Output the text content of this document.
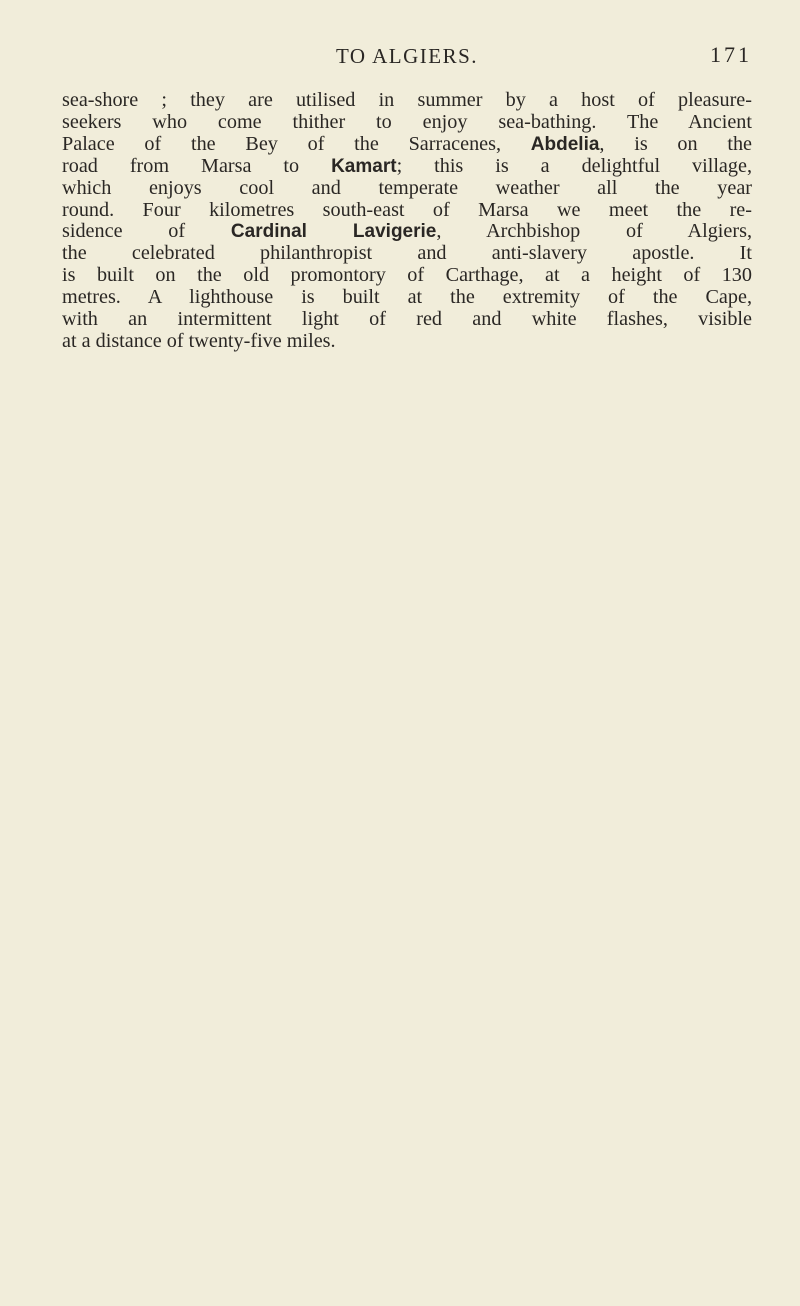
TO ALGIERS.	171
sea-shore ; they are utilised in summer by a host of pleasure-
seekers who come thither to enjoy sea-bathing. The Ancient
Palace of the Bey of the Sarracenes, Abdelia, is on the
road from Marsa to Kamart; this is a delightful village,
which enjoys cool and temperate weather all the year
round. Four kilometres south-east of Marsa we meet the re-
sidence of Cardinal Lavigerie, Archbishop of Algiers,
the celebrated philanthropist and anti-slavery apostle. It
is built on the old promontory of Carthage, at a height of 130
metres. A lighthouse is built at the extremity of the Cape,
with an intermittent light of red and white flashes, visible
at a distance of twenty-five miles.
